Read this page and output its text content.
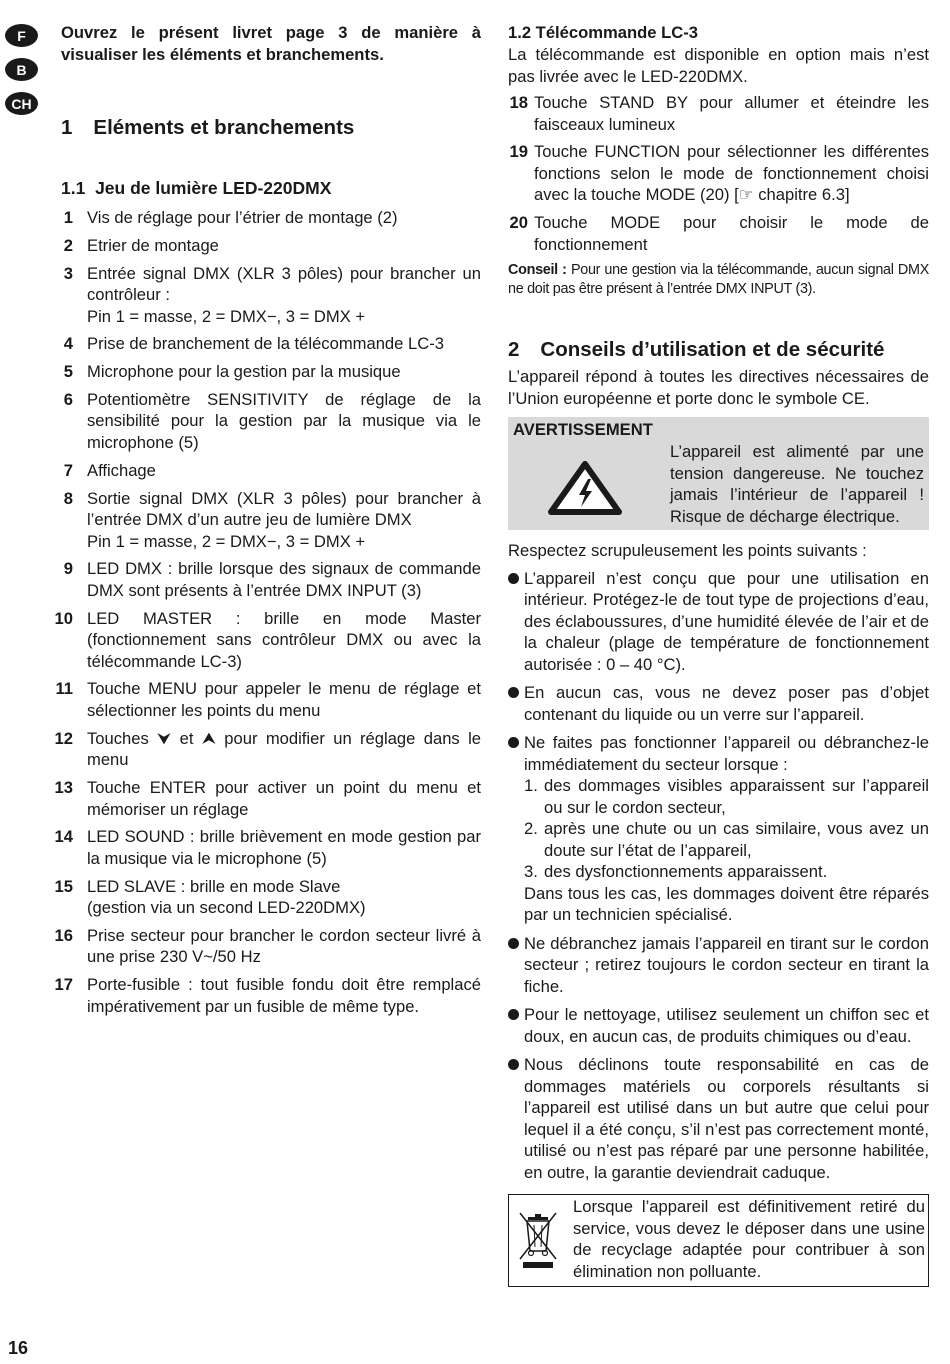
F
B
CH
16

Ouvrez le présent livret page 3 de manière à visualiser les éléments et branchements.

1 Eléments et branchements
1.1 Jeu de lumière LED-220DMX
1 Vis de réglage pour l’étrier de montage (2)
2 Etrier de montage
3 Entrée signal DMX (XLR 3 pôles) pour brancher un contrôleur :
Pin 1 = masse, 2 = DMX−, 3 = DMX +
4 Prise de branchement de la télécommande LC-3
5 Microphone pour la gestion par la musique
6 Potentiomètre SENSITIVITY de réglage de la sensibilité pour la gestion par la musique via le microphone (5)
7 Affichage
8 Sortie signal DMX (XLR 3 pôles) pour brancher à l’entrée DMX d’un autre jeu de lumière DMX
Pin 1 = masse, 2 = DMX−, 3 = DMX +
9 LED DMX : brille lorsque des signaux de commande DMX sont présents à l’entrée DMX INPUT (3)
10 LED MASTER : brille en mode Master (fonctionnement sans contrôleur DMX ou avec la télécommande LC-3)
11 Touche MENU pour appeler le menu de réglage et sélectionner les points du menu
12 Touches ⮟ et ⮝ pour modifier un réglage dans le menu
13 Touche ENTER pour activer un point du menu et mémoriser un réglage
14 LED SOUND : brille brièvement en mode gestion par la musique via le microphone (5)
15 LED SLAVE : brille en mode Slave
(gestion via un second LED-220DMX)
16 Prise secteur pour brancher le cordon secteur livré à une prise 230 V~/50 Hz
17 Porte-fusible : tout fusible fondu doit être remplacé impérativement par un fusible de même type.
1.2 Télécommande LC-3

La télécommande est disponible en option mais n’est pas livrée avec le LED-220DMX.

18 Touche STAND BY pour allumer et éteindre les faisceaux lumineux
19 Touche FUNCTION pour sélectionner les différentes fonctions selon le mode de fonctionnement choisi avec la touche MODE (20) [☞ chapitre 6.3]
20 Touche MODE pour choisir le mode de fonctionnement

Conseil : Pour une gestion via la télécommande, aucun signal DMX ne doit pas être présent à l’entrée DMX INPUT (3).

2 Conseils d’utilisation et de sécurité

L’appareil répond à toutes les directives nécessaires de l’Union européenne et porte donc le symbole CE.

AVERTISSEMENT
L’appareil est alimenté par une tension dangereuse. Ne touchez jamais l’intérieur de l’appareil ! Risque de décharge électrique.

Respectez scrupuleusement les points suivants :

L’appareil n’est conçu que pour une utilisation en intérieur. Protégez-le de tout type de projections d’eau, des éclaboussures, d’une humidité élevée de l’air et de la chaleur (plage de température de fonctionnement autorisée : 0 – 40 °C).
En aucun cas, vous ne devez poser pas d’objet contenant du liquide ou un verre sur l’appareil.
Ne faites pas fonctionner l’appareil ou débranchez-le immédiatement du secteur lorsque :
1. des dommages visibles apparaissent sur l’appareil ou sur le cordon secteur,
2. après une chute ou un cas similaire, vous avez un doute sur l’état de l’appareil,
3. des dysfonctionnements apparaissent.
Dans tous les cas, les dommages doivent être réparés par un technicien spécialisé.
Ne débranchez jamais l’appareil en tirant sur le cordon secteur ; retirez toujours le cordon secteur en tirant la fiche.
Pour le nettoyage, utilisez seulement un chiffon sec et doux, en aucun cas, de produits chimiques ou d’eau.
Nous déclinons toute responsabilité en cas de dommages matériels ou corporels résultants si l’appareil est utilisé dans un but autre que celui pour lequel il a été conçu, s’il n’est pas correctement monté, utilisé ou n’est pas réparé par une personne habilitée, en outre, la garantie deviendrait caduque.
Lorsque l’appareil est définitivement retiré du service, vous devez le déposer dans une usine de recyclage adaptée pour contribuer à son élimination non polluante.
